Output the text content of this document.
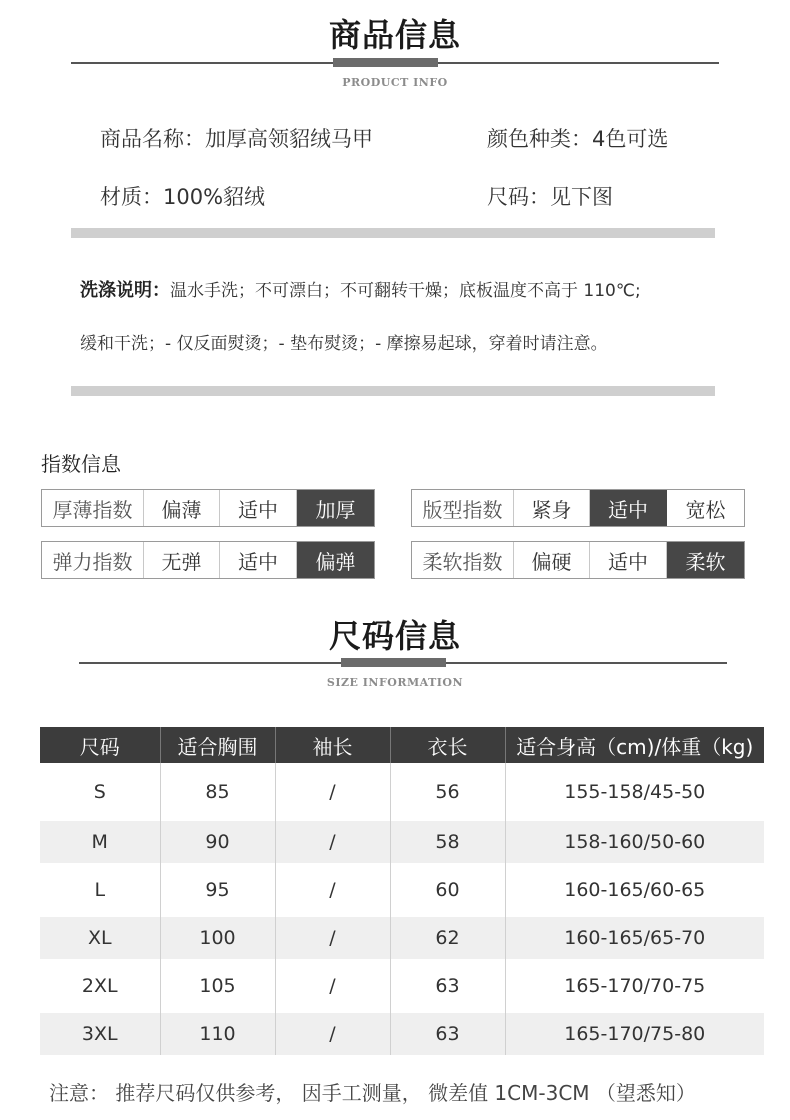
商品信息
PRODUCT INFO
商品名称：加厚高领貂绒马甲	颜色种类：4色可选
材质：100%貂绒	尺码：见下图
洗涤说明：温水手洗；不可漂白；不可翻转干燥；底板温度不高于 110℃;
缓和干洗；- 仅反面熨烫；- 垫布熨烫；- 摩擦易起球，穿着时请注意。
指数信息
厚薄指数	偏薄	适中	加厚	版型指数	紧身	适中	宽松
弹力指数	无弹	适中	偏弹	柔软指数	偏硬	适中	柔软
尺码信息
SIZE INFORMATION
尺码	适合胸围	袖长	衣长	适合身高（cm)/体重（kg)
S	85	/	56	155-158/45-50
M	90	/	58	158-160/50-60
L	95	/	60	160-165/60-65
XL	100	/	62	160-165/65-70
2XL	105	/	63	165-170/70-75
3XL	110	/	63	165-170/75-80
注意： 推荐尺码仅供参考， 因手工测量， 微差值 1CM-3CM （望悉知）
